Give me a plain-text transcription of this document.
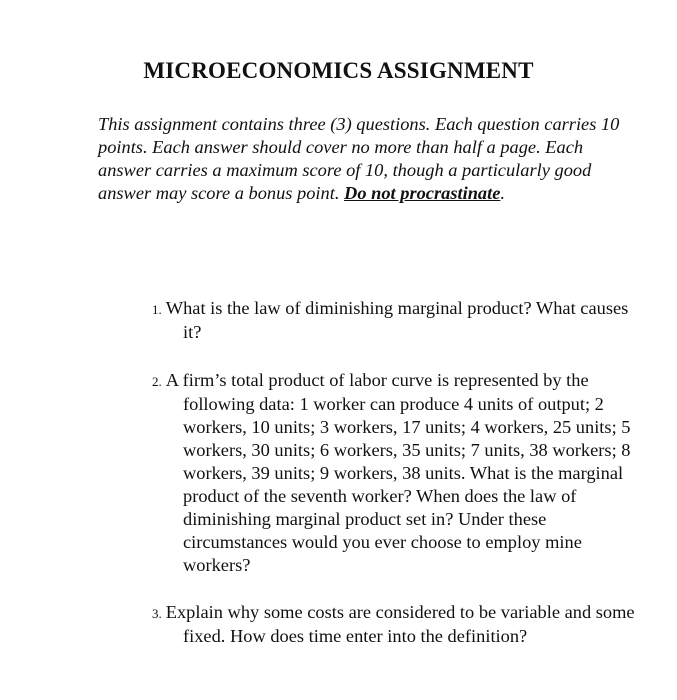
MICROECONOMICS ASSIGNMENT

This assignment contains three (3) questions. Each question carries 10 points. Each answer should cover no more than half a page. Each answer carries a maximum score of 10, though a particularly good answer may score a bonus point. Do not procrastinate.

1. What is the law of diminishing marginal product? What causes it?
2. A firm’s total product of labor curve is represented by the following data: 1 worker can produce 4 units of output; 2 workers, 10 units; 3 workers, 17 units; 4 workers, 25 units; 5 workers, 30 units; 6 workers, 35 units; 7 units, 38 workers; 8 workers, 39 units; 9 workers, 38 units. What is the marginal product of the seventh worker? When does the law of diminishing marginal product set in? Under these circumstances would you ever choose to employ mine workers?
3. Explain why some costs are considered to be variable and some fixed. How does time enter into the definition?
